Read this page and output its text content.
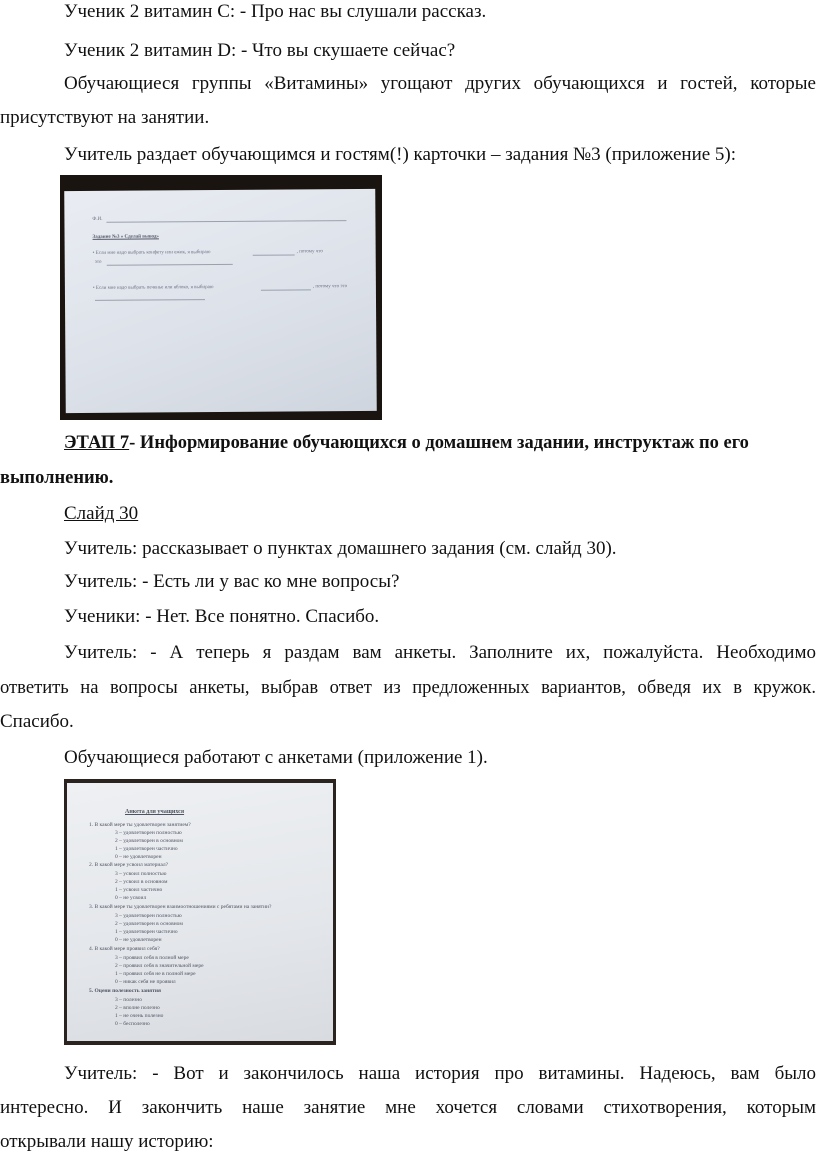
Ученик 2 витамин С: - Про нас вы слушали рассказ.

Ученик 2 витамин D: - Что вы скушаете сейчас?

Обучающиеся группы «Витамины» угощают других обучающихся и гостей, которые

присутствуют на занятии.

Учитель раздает обучающимся и гостям(!) карточки – задания №3 (приложение 5):

Ф.И.
Задание №3 « Сделай вывод»
• Если мне надо выбрать конфету или ежик, я выбираю	, потому что
это
• Если мне надо выбрать печенье или яблоко, я выбираю	, потому что это

ЭТАП 7- Информирование обучающихся о домашнем задании, инструктаж по его

выполнению.

Слайд 30

Учитель: рассказывает о пунктах домашнего задания (см. слайд 30).

Учитель: - Есть ли у вас ко мне вопросы?

Ученики: - Нет. Все понятно. Спасибо.

Учитель: - А теперь я раздам вам анкеты. Заполните их, пожалуйста. Необходимо

ответить на вопросы анкеты, выбрав ответ из предложенных вариантов, обведя их в кружок.

Спасибо.

Обучающиеся работают с анкетами (приложение 1).

Анкета для учащихся
1. В какой мере ты удовлетворен занятием?
3 – удовлетворен полностью
2 – удовлетворен в основном
1 – удовлетворен частично
0 – не удовлетворен
2. В какой мере усвоил материал?
3 – усвоил полностью
2 – усвоил в основном
1 – усвоил частично
0 – не усвоил
3. В какой мере ты удовлетворен взаимоотношениями с ребятами на занятии?
3 – удовлетворен полностью
2 – удовлетворен в основном
1 – удовлетворен частично
0 – не удовлетворен
4. В какой мере проявил себя?
3 – проявил себя в полной мере
2 – проявил себя в значительной мере
1 – проявил себя не в полной мере
0 – никак себя не проявил
5. Оцени полезность занятия
3 – полезно
2 – вполне полезно
1 – не очень полезно
0 – бесполезно

Учитель: - Вот и закончилось наша история про витамины. Надеюсь, вам было

интересно. И закончить наше занятие мне хочется словами стихотворения, которым

открывали нашу историю:
